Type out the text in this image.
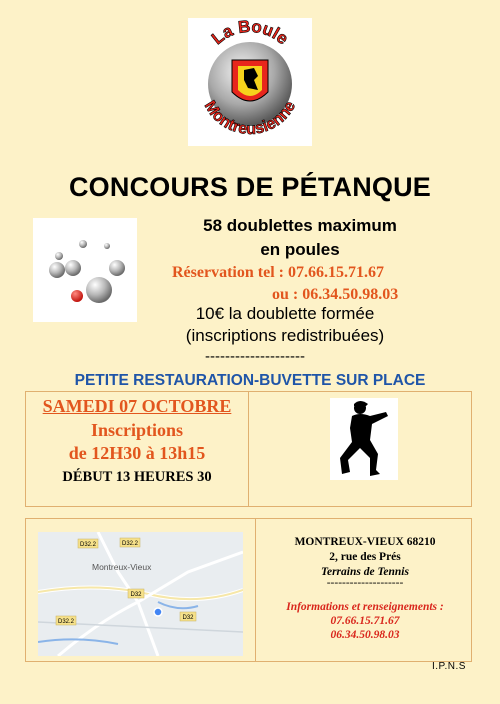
La Boule
Montreusienne
CONCOURS DE PÉTANQUE
58 doublettes maximum
en poules
Réservation tel : 07.66.15.71.67
ou : 06.34.50.98.03
10€ la doublette formée
(inscriptions redistribuées)
--------------------
PETITE RESTAURATION-BUVETTE SUR PLACE
SAMEDI 07 OCTOBRE
Inscriptions
de 12H30 à 13h15
DÉBUT 13 HEURES 30
D32.2	D32.2
D32
D32.2
D32
Montreux-Vieux
MONTREUX-VIEUX 68210
2, rue des Prés
Terrains de Tennis
--------------------
Informations et renseignements :
07.66.15.71.67
06.34.50.98.03
I.P.N.S
